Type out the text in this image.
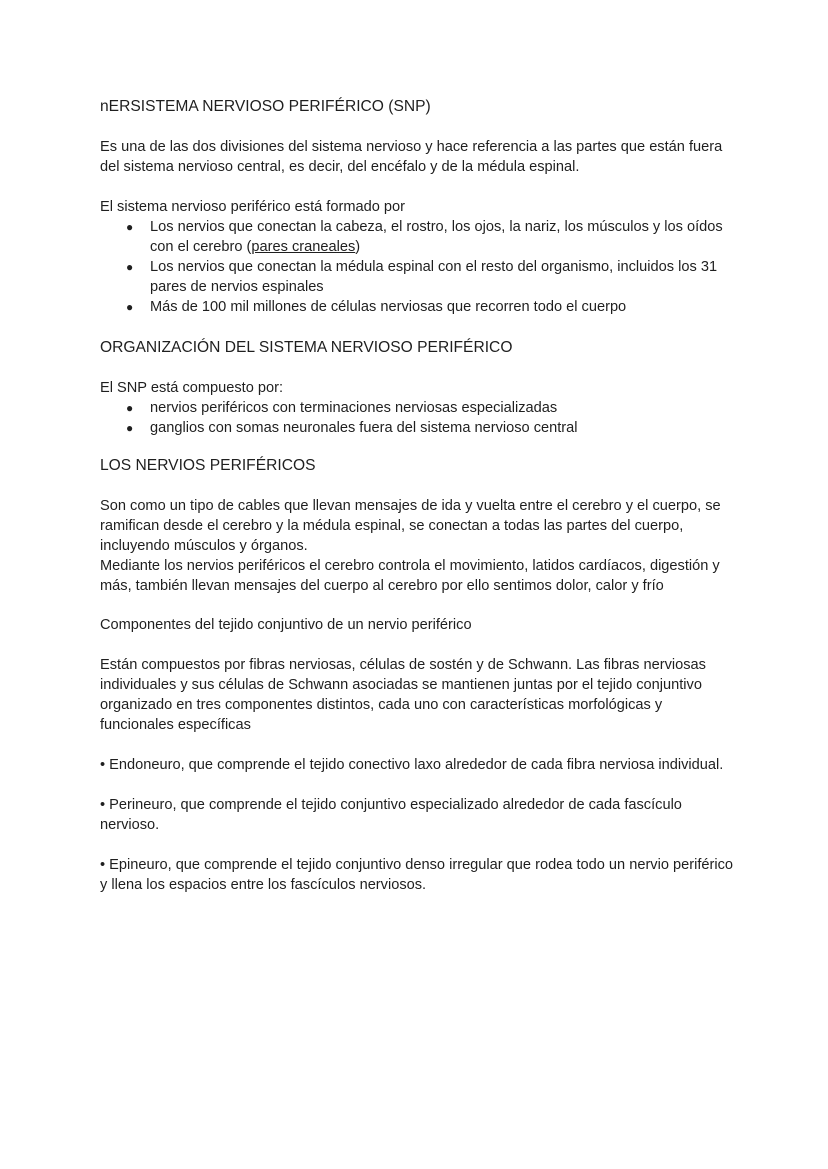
nERSISTEMA NERVIOSO PERIFÉRICO (SNP)

Es una de las dos divisiones del sistema nervioso y hace referencia a las partes que están fuera del sistema nervioso central, es decir, del encéfalo y de la médula espinal.

El sistema nervioso periférico está formado por

● Los nervios que conectan la cabeza, el rostro, los ojos, la nariz, los músculos y los oídos con el cerebro (pares craneales)
● Los nervios que conectan la médula espinal con el resto del organismo, incluidos los 31 pares de nervios espinales
● Más de 100 mil millones de células nerviosas que recorren todo el cuerpo
ORGANIZACIÓN DEL SISTEMA NERVIOSO PERIFÉRICO

El SNP está compuesto por:

● nervios periféricos con terminaciones nerviosas especializadas
● ganglios con somas neuronales fuera del sistema nervioso central
LOS NERVIOS PERIFÉRICOS

Son como un tipo de cables que llevan mensajes de ida y vuelta entre el cerebro y el cuerpo, se ramifican desde el cerebro y la médula espinal, se conectan a todas las partes del cuerpo, incluyendo músculos y órganos.

Mediante los nervios periféricos el cerebro controla el movimiento, latidos cardíacos, digestión y más, también llevan mensajes del cuerpo al cerebro por ello sentimos dolor, calor y frío

Componentes del tejido conjuntivo de un nervio periférico

Están compuestos por fibras nerviosas, células de sostén y de Schwann. Las fibras nerviosas individuales y sus células de Schwann asociadas se mantienen juntas por el tejido conjuntivo organizado en tres componentes distintos, cada uno con características morfológicas y funcionales específicas

• Endoneuro, que comprende el tejido conectivo laxo alrededor de cada fibra nerviosa individual.

• Perineuro, que comprende el tejido conjuntivo especializado alrededor de cada fascículo nervioso.

• Epineuro, que comprende el tejido conjuntivo denso irregular que rodea todo un nervio periférico y llena los espacios entre los fascículos nerviosos.
